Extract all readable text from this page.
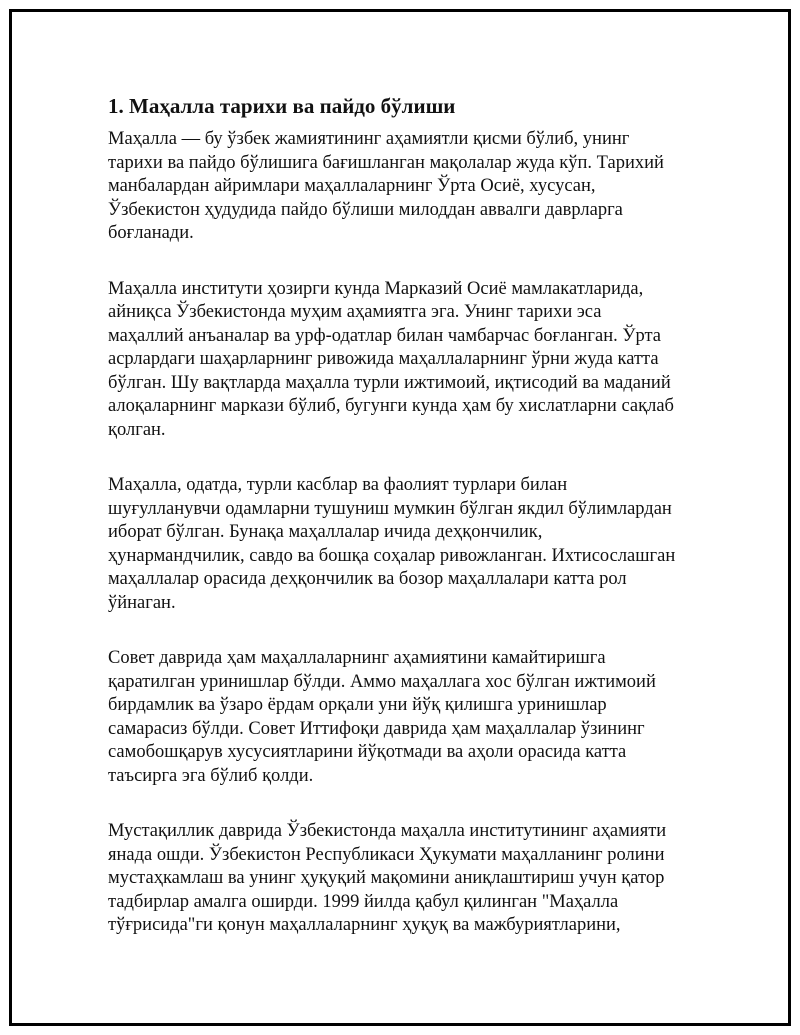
1. Маҳалла тарихи ва пайдо бўлиши

Маҳалла — бу ўзбек жамиятининг аҳамиятли қисми бўлиб, унинг
тарихи ва пайдо бўлишига бағишланган мақолалар жуда кўп. Тарихий
манбалардан айримлари маҳаллаларнинг Ўрта Осиё, хусусан,
Ўзбекистон ҳудудида пайдо бўлиши милоддан аввалги даврларга
боғланади.

Маҳалла институти ҳозирги кунда Марказий Осиё мамлакатларида,
айниқса Ўзбекистонда муҳим аҳамиятга эга. Унинг тарихи эса
маҳаллий анъаналар ва урф-одатлар билан чамбарчас боғланган. Ўрта
асрлардаги шаҳарларнинг ривожида маҳаллаларнинг ўрни жуда катта
бўлган. Шу вақтларда маҳалла турли ижтимоий, иқтисодий ва маданий
алоқаларнинг маркази бўлиб, бугунги кунда ҳам бу хислатларни сақлаб
қолган.

Маҳалла, одатда, турли касблар ва фаолият турлари билан
шуғулланувчи одамларни тушуниш мумкин бўлган якдил бўлимлардан
иборат бўлган. Бунақа маҳаллалар ичида деҳқончилик,
ҳунармандчилик, савдо ва бошқа соҳалар ривожланган. Ихтисослашган
маҳаллалар орасида деҳқончилик ва бозор маҳаллалари катта рол
ўйнаган.

Совет даврида ҳам маҳаллаларнинг аҳамиятини камайтиришга
қаратилган уринишлар бўлди. Аммо маҳаллага хос бўлган ижтимоий
бирдамлик ва ўзаро ёрдам орқали уни йўқ қилишга уринишлар
самарасиз бўлди. Совет Иттифоқи даврида ҳам маҳаллалар ўзининг
самобошқарув хусусиятларини йўқотмади ва аҳоли орасида катта
таъсирга эга бўлиб қолди.

Мустақиллик даврида Ўзбекистонда маҳалла институтининг аҳамияти
янада ошди. Ўзбекистон Республикаси Ҳукумати маҳалланинг ролини
мустаҳкамлаш ва унинг ҳуқуқий мақомини аниқлаштириш учун қатор
тадбирлар амалга оширди. 1999 йилда қабул қилинган "Маҳалла
тўғрисида"ги қонун маҳаллаларнинг ҳуқуқ ва мажбуриятларини,
